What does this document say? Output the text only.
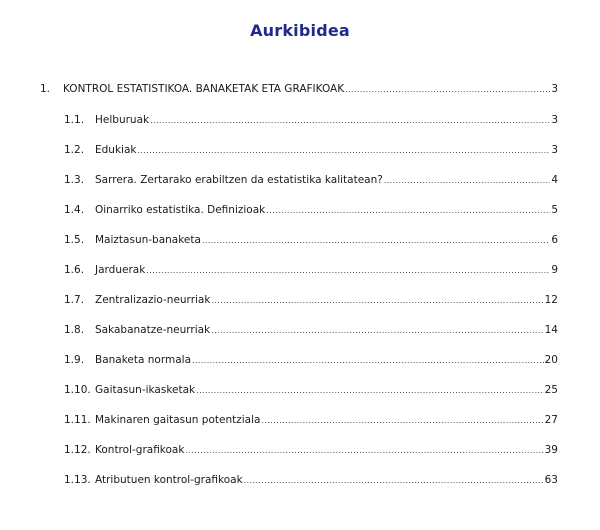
Aurkibidea
1.	KONTROL ESTATISTIKOA. BANAKETAK ETA GRAFIKOAK .....	3
1.1.	Helburuak .....	3
1.2.	Edukiak .....	3
1.3.	Sarrera. Zertarako erabiltzen da estatistika kalitatean? .....	4
1.4.	Oinarriko estatistika. Definizioak .....	5
1.5.	Maiztasun-banaketa .....	6
1.6.	Jarduerak .....	9
1.7.	Zentralizazio-neurriak .....	12
1.8.	Sakabanatze-neurriak .....	14
1.9.	Banaketa normala .....	20
1.10. Gaitasun-ikasketak .....	25
1.11. Makinaren gaitasun potentziala .....	27
1.12. Kontrol-grafikoak .....	39
1.13. Atributuen kontrol-grafikoak .....	63
